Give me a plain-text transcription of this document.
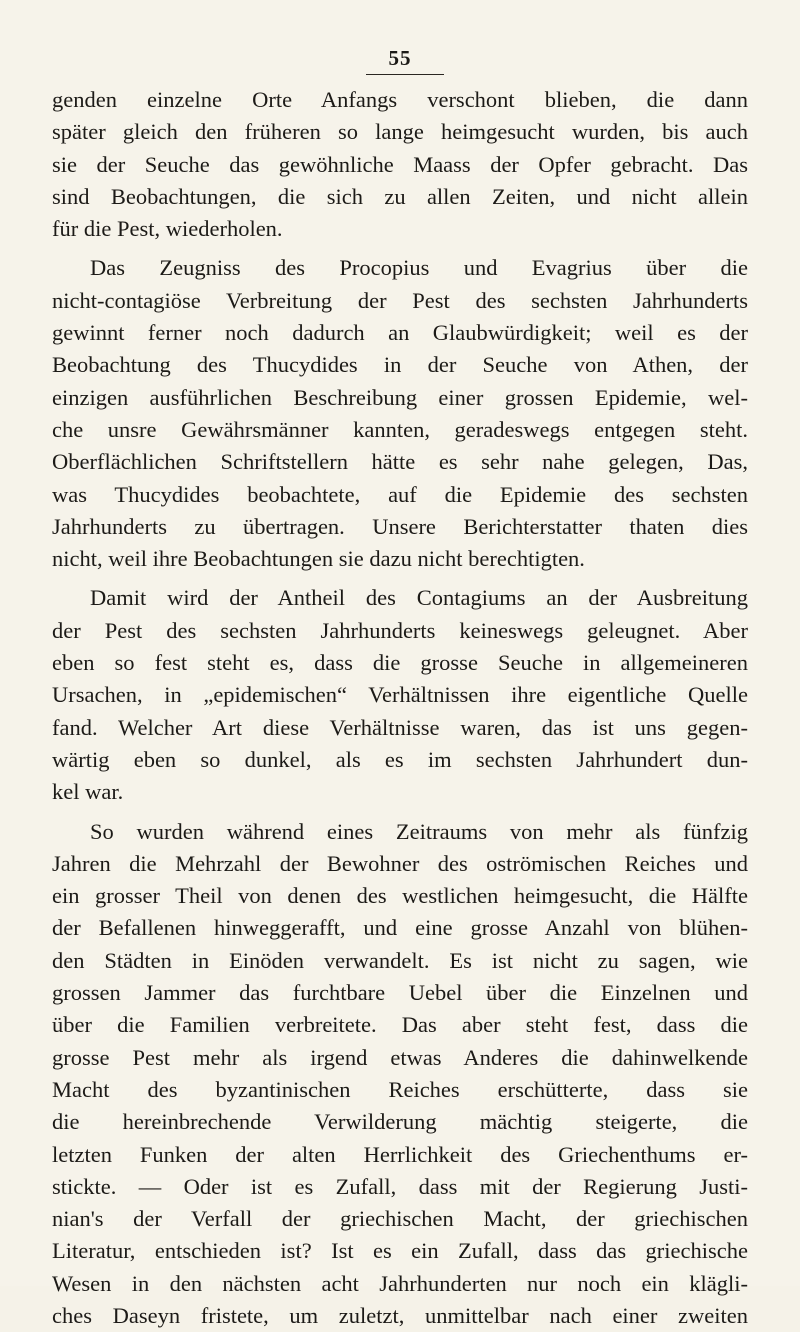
55
genden einzelne Orte Anfangs verschont blieben, die dann
später gleich den früheren so lange heimgesucht wurden, bis auch
sie der Seuche das gewöhnliche Maass der Opfer gebracht. Das
sind Beobachtungen, die sich zu allen Zeiten, und nicht allein
für die Pest, wiederholen.
Das Zeugniss des Procopius und Evagrius über die
nicht-contagiöse Verbreitung der Pest des sechsten Jahrhunderts
gewinnt ferner noch dadurch an Glaubwürdigkeit; weil es der
Beobachtung des Thucydides in der Seuche von Athen, der
einzigen ausführlichen Beschreibung einer grossen Epidemie, wel-
che unsre Gewährsmänner kannten, geradeswegs entgegen steht.
Oberflächlichen Schriftstellern hätte es sehr nahe gelegen, Das,
was Thucydides beobachtete, auf die Epidemie des sechsten
Jahrhunderts zu übertragen. Unsere Berichterstatter thaten dies
nicht, weil ihre Beobachtungen sie dazu nicht berechtigten.
Damit wird der Antheil des Contagiums an der Ausbreitung
der Pest des sechsten Jahrhunderts keineswegs geleugnet. Aber
eben so fest steht es, dass die grosse Seuche in allgemeineren
Ursachen, in „epidemischen“ Verhältnissen ihre eigentliche Quelle
fand. Welcher Art diese Verhältnisse waren, das ist uns gegen-
wärtig eben so dunkel, als es im sechsten Jahrhundert dun-
kel war.
So wurden während eines Zeitraums von mehr als fünfzig
Jahren die Mehrzahl der Bewohner des oströmischen Reiches und
ein grosser Theil von denen des westlichen heimgesucht, die Hälfte
der Befallenen hinweggerafft, und eine grosse Anzahl von blühen-
den Städten in Einöden verwandelt. Es ist nicht zu sagen, wie
grossen Jammer das furchtbare Uebel über die Einzelnen und
über die Familien verbreitete. Das aber steht fest, dass die
grosse Pest mehr als irgend etwas Anderes die dahinwelkende
Macht des byzantinischen Reiches erschütterte, dass sie
die hereinbrechende Verwilderung mächtig steigerte, die
letzten Funken der alten Herrlichkeit des Griechenthums er-
stickte. — Oder ist es Zufall, dass mit der Regierung Justi-
nian's der Verfall der griechischen Macht, der griechischen
Literatur, entschieden ist? Ist es ein Zufall, dass das griechische
Wesen in den nächsten acht Jahrhunderten nur noch ein klägli-
ches Daseyn fristete, um zuletzt, unmittelbar nach einer zweiten
